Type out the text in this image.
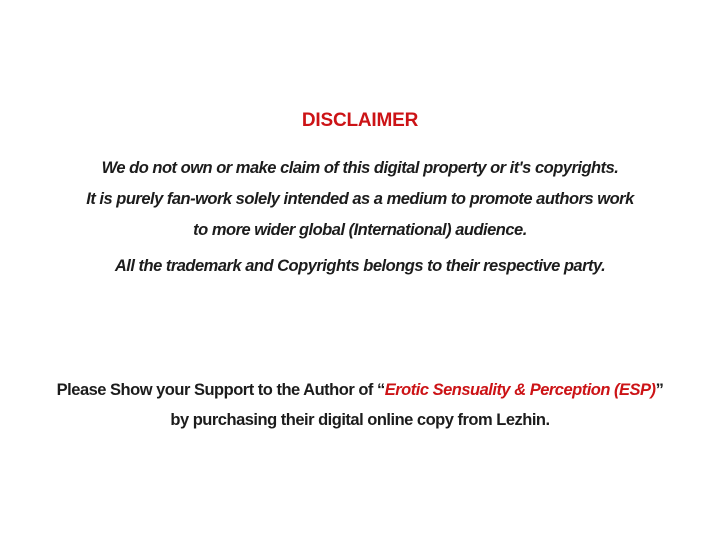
DISCLAIMER
We do not own or make claim of this digital property or it's copyrights.
It is purely fan-work solely intended as a medium to promote authors work
to more wider global (International) audience.
All the trademark and Copyrights belongs to their respective party.
Please Show your Support to the Author of “Erotic Sensuality & Perception (ESP)”
by purchasing their digital online copy from Lezhin.
